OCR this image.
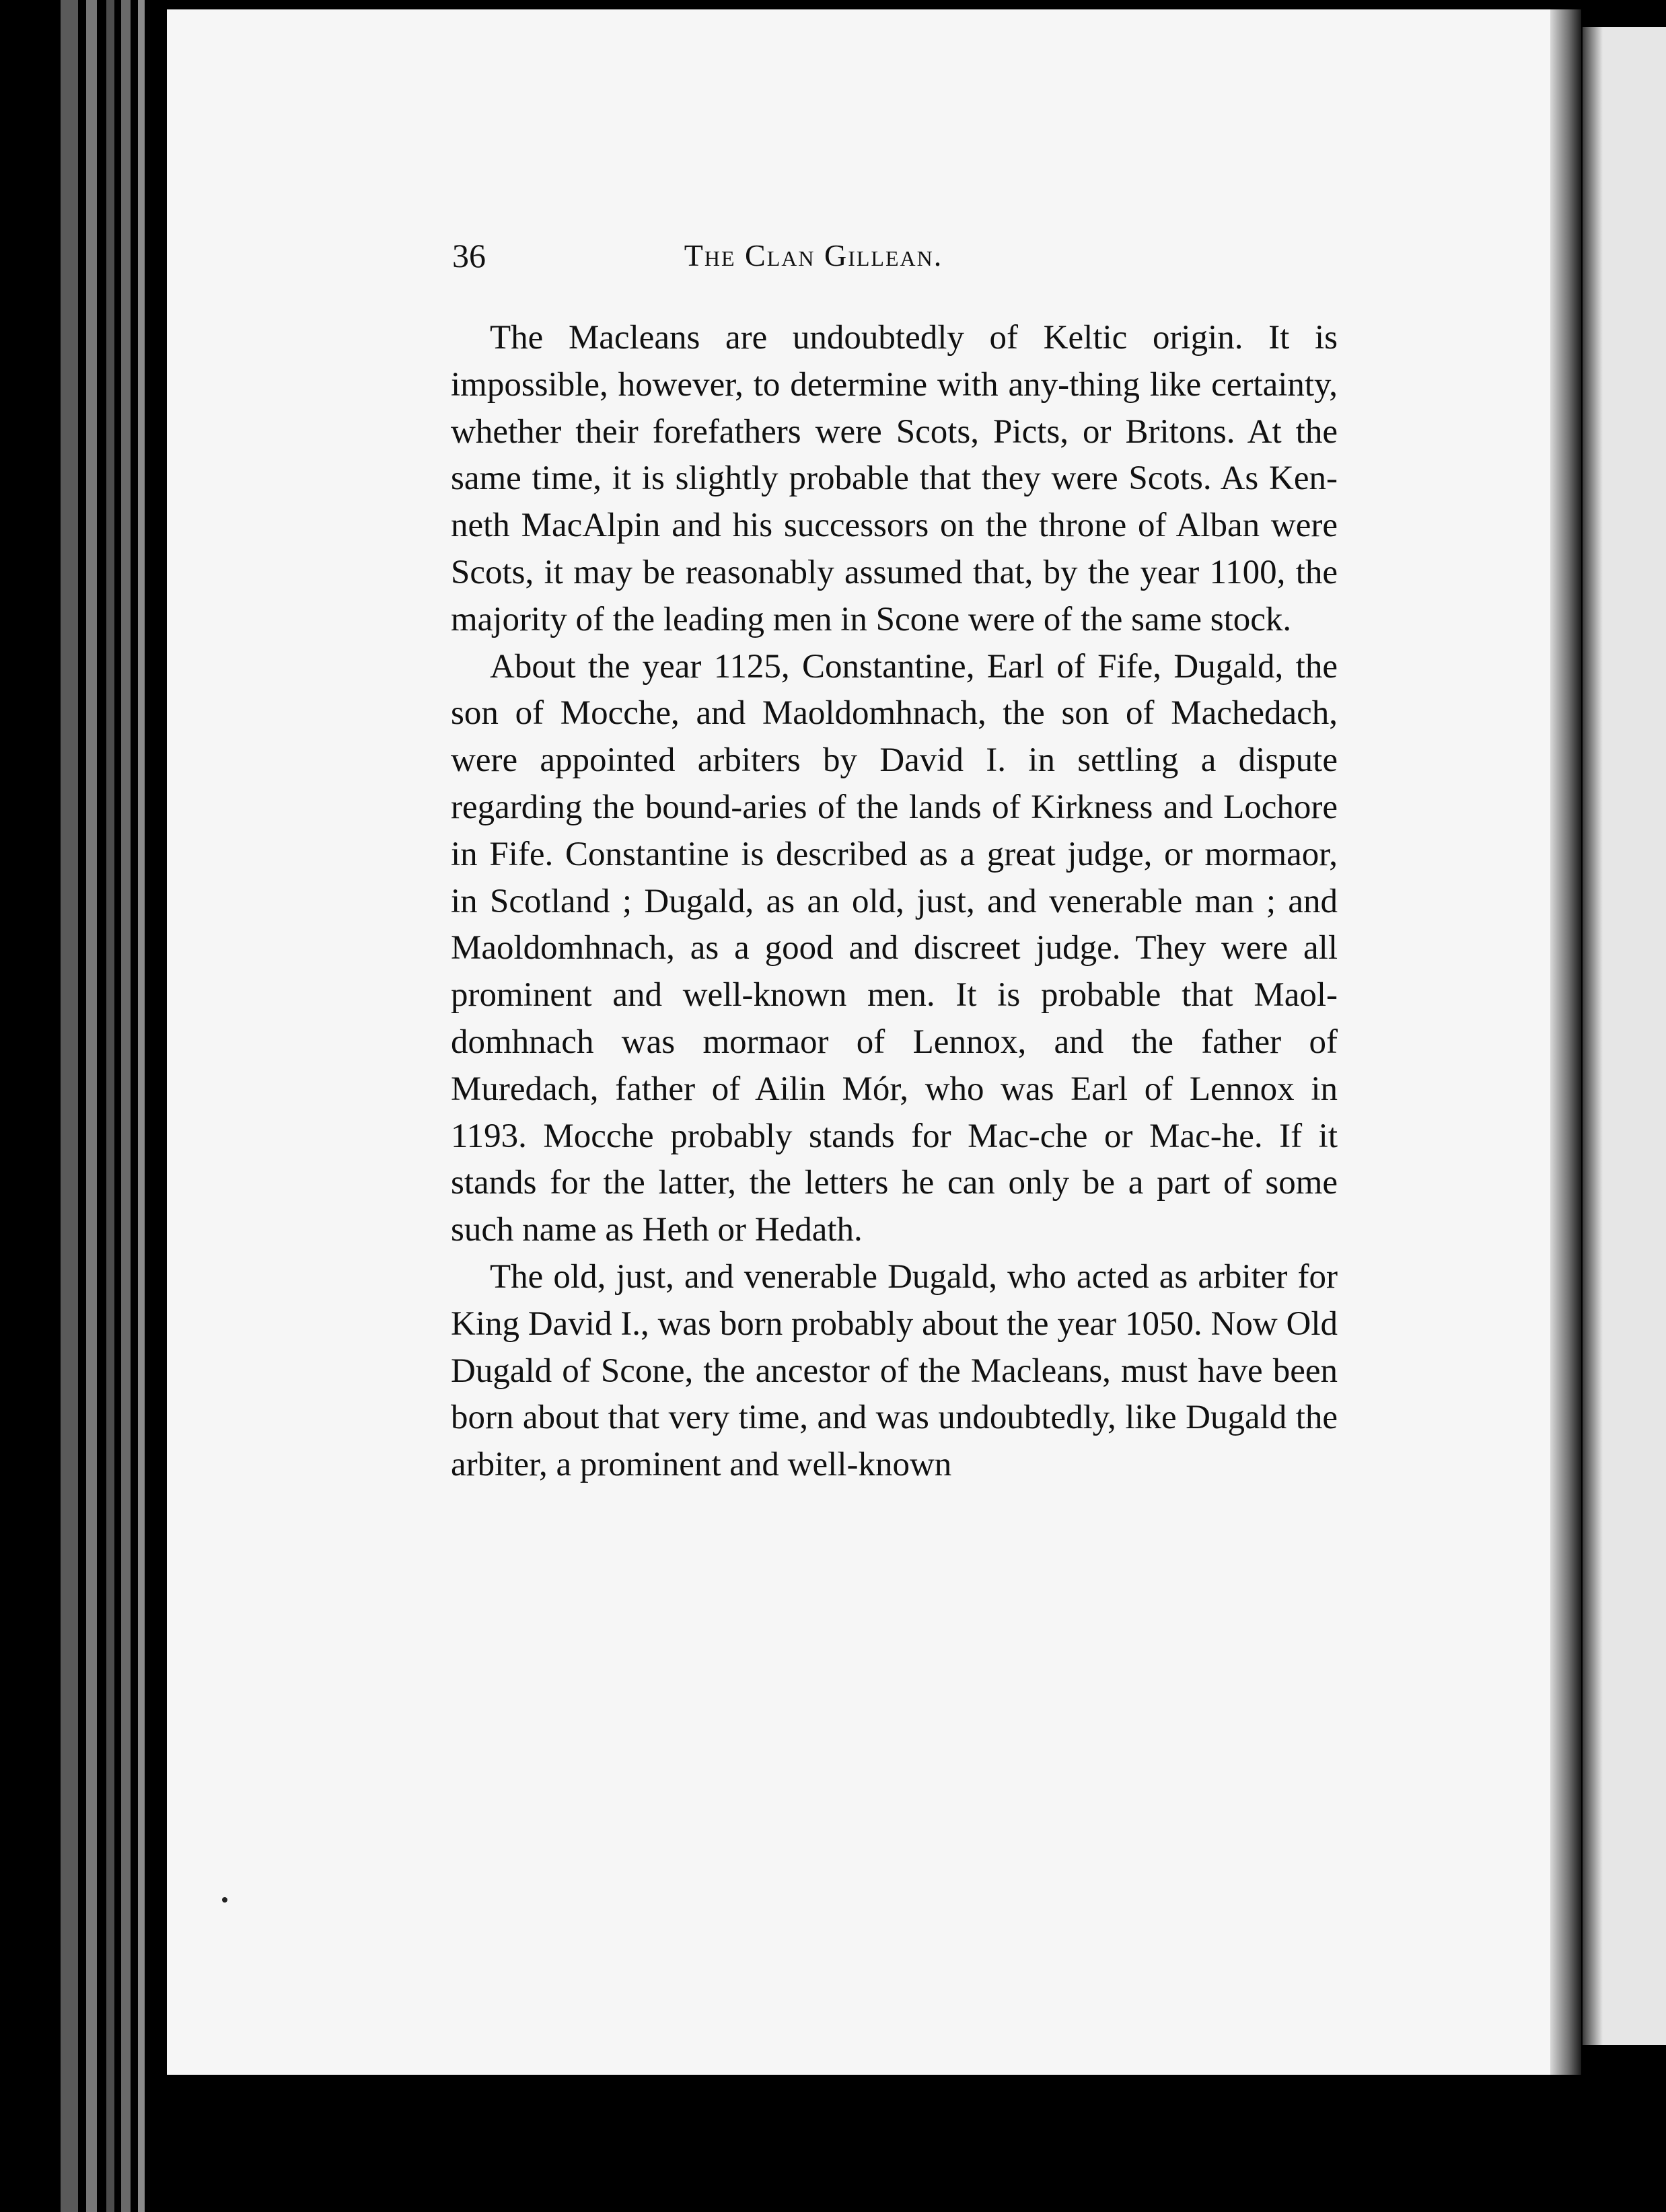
36	The Clan Gillean.

The Macleans are undoubtedly of Keltic origin. It is impossible, however, to determine with any-thing like certainty, whether their forefathers were Scots, Picts, or Britons. At the same time, it is slightly probable that they were Scots. As Ken-neth MacAlpin and his successors on the throne of Alban were Scots, it may be reasonably assumed that, by the year 1100, the majority of the leading men in Scone were of the same stock.

About the year 1125, Constantine, Earl of Fife, Dugald, the son of Mocche, and Maoldomhnach, the son of Machedach, were appointed arbiters by David I. in settling a dispute regarding the bound-aries of the lands of Kirkness and Lochore in Fife. Constantine is described as a great judge, or mormaor, in Scotland ; Dugald, as an old, just, and venerable man ; and Maoldomhnach, as a good and discreet judge. They were all prominent and well-known men. It is probable that Maol-domhnach was mormaor of Lennox, and the father of Muredach, father of Ailin Mór, who was Earl of Lennox in 1193. Mocche probably stands for Mac-che or Mac-he. If it stands for the latter, the letters he can only be a part of some such name as Heth or Hedath.

The old, just, and venerable Dugald, who acted as arbiter for King David I., was born probably about the year 1050. Now Old Dugald of Scone, the ancestor of the Macleans, must have been born about that very time, and was undoubtedly, like Dugald the arbiter, a prominent and well-known
